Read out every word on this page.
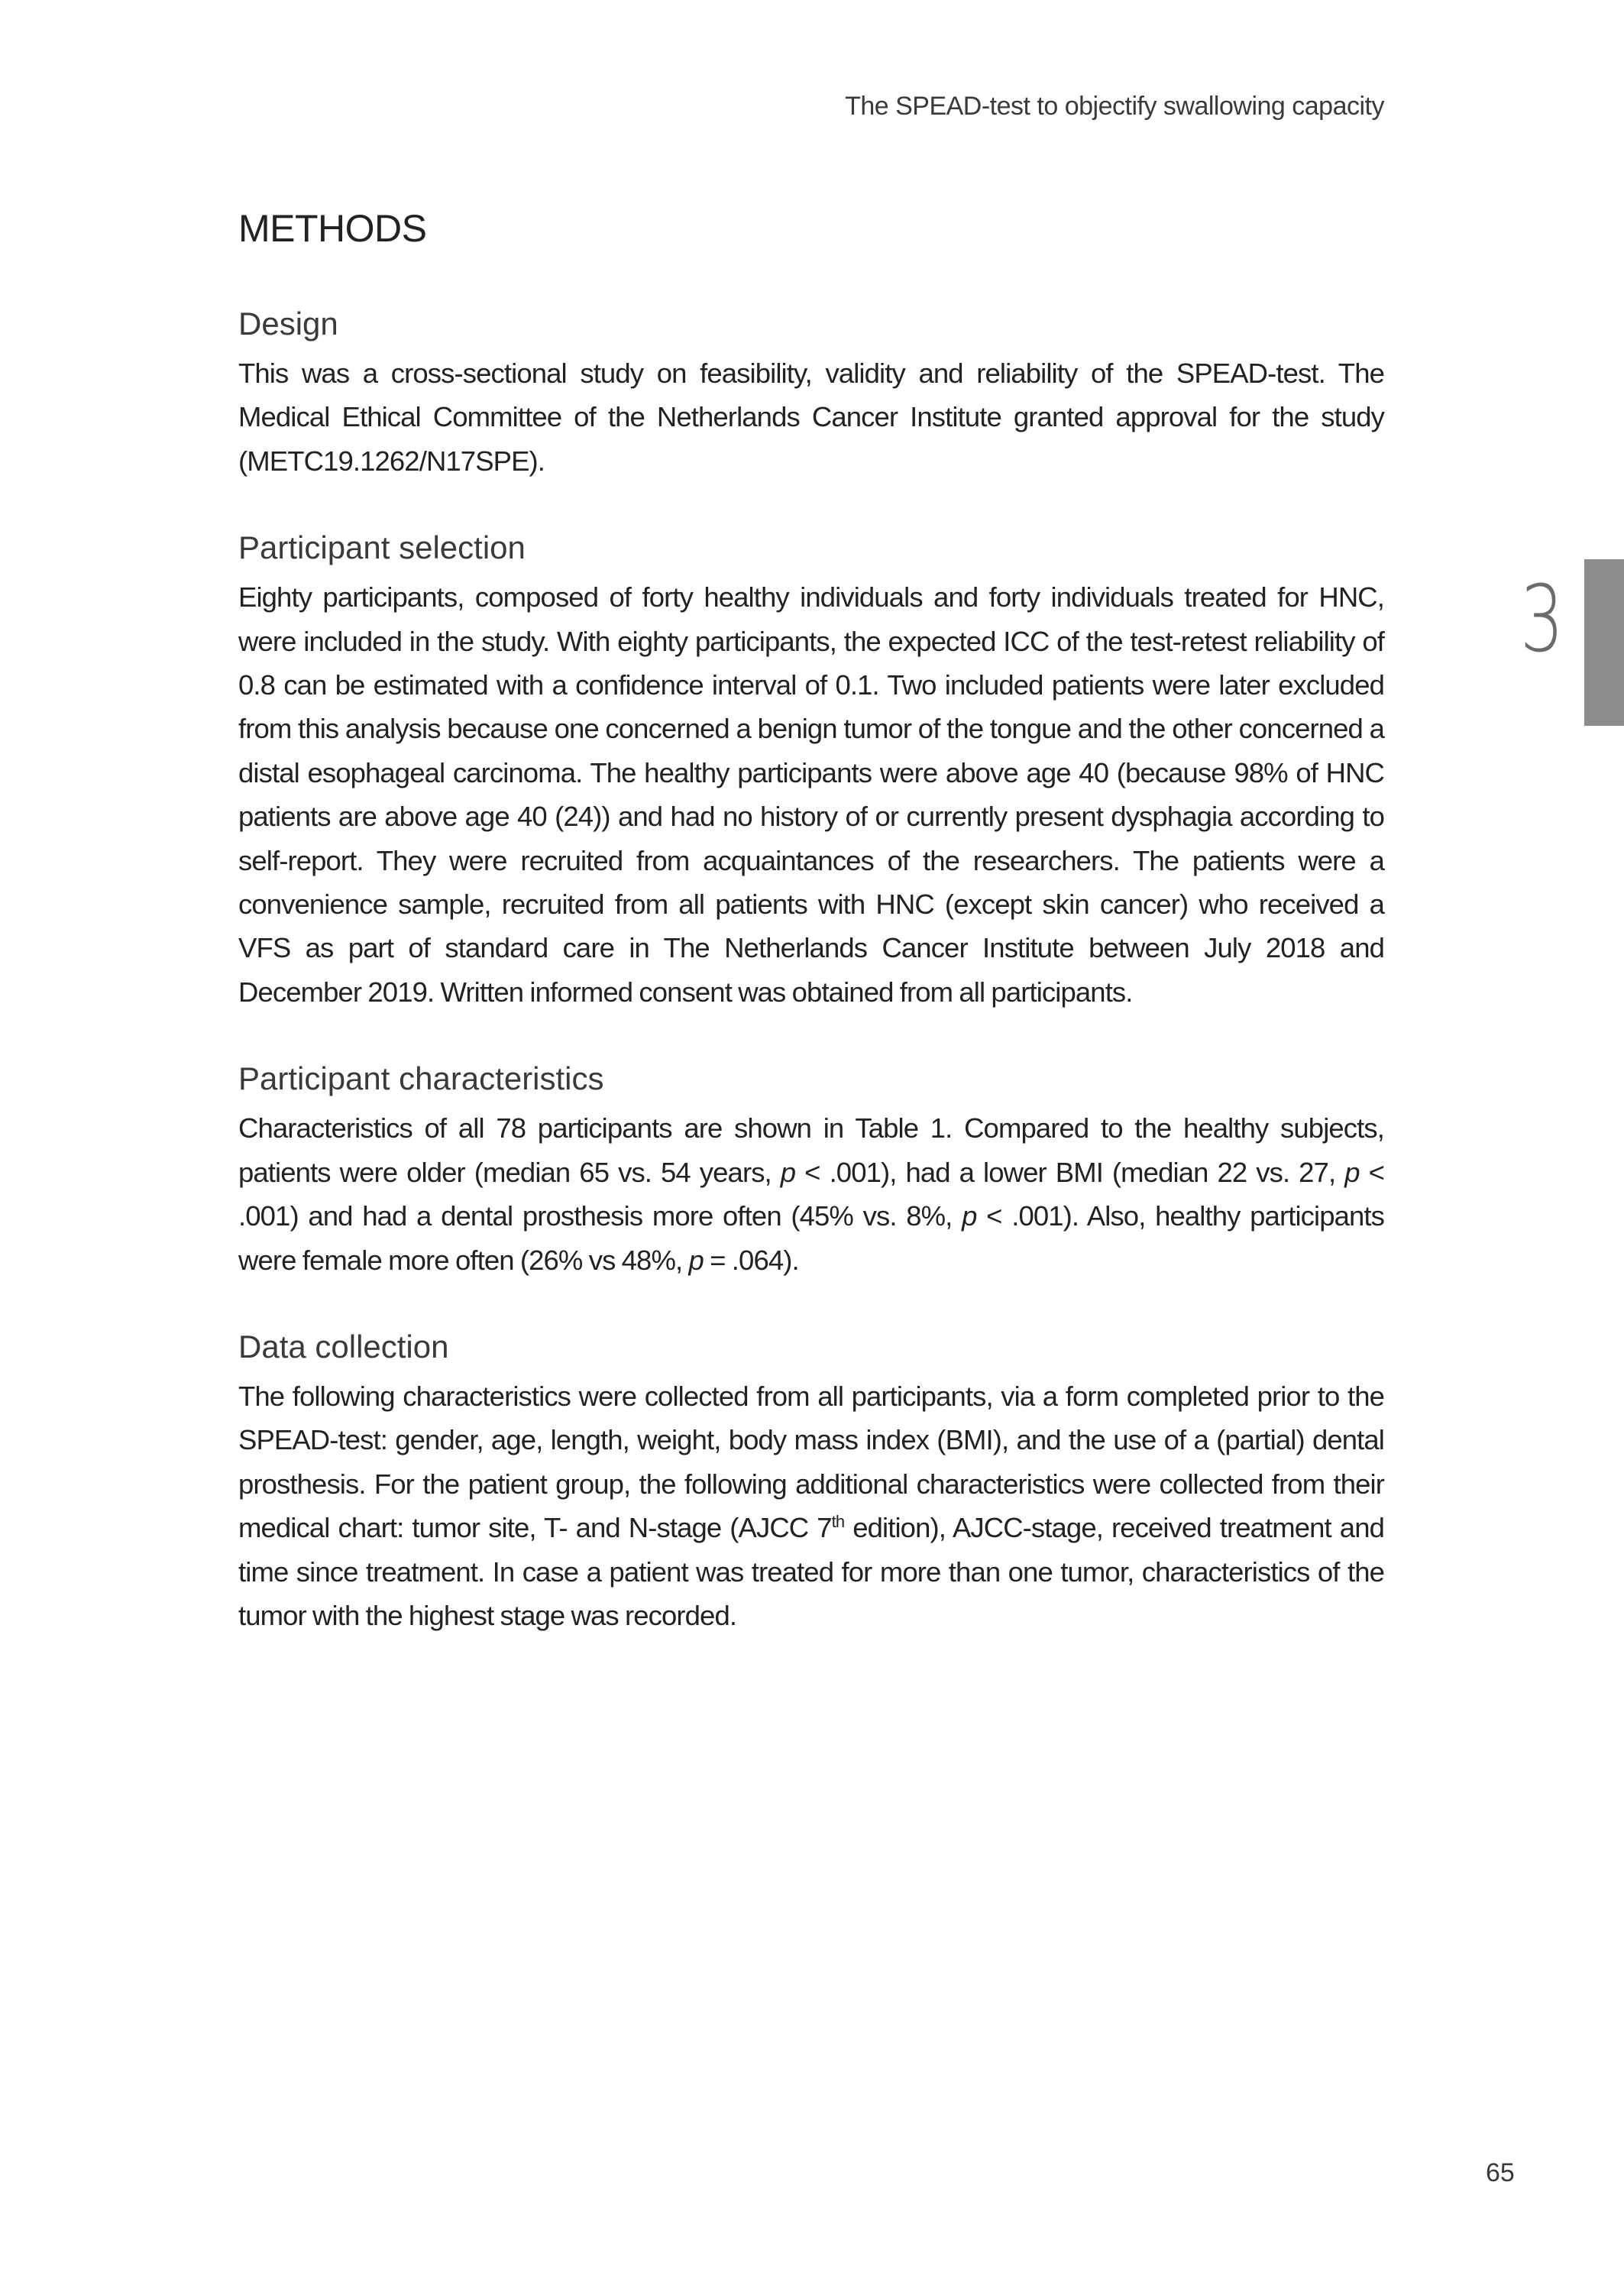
The SPEAD-test to objectify swallowing capacity
3
METHODS
Design

This was a cross-sectional study on feasibility, validity and reliability of the SPEAD-test. The Medical Ethical Committee of the Netherlands Cancer Institute granted approval for the study (METC19.1262/N17SPE).

Participant selection

Eighty participants, composed of forty healthy individuals and forty individuals treated for HNC, were included in the study. With eighty participants, the expected ICC of the test-retest reliability of 0.8 can be estimated with a confidence interval of 0.1. Two included patients were later excluded from this analysis because one concerned a benign tumor of the tongue and the other concerned a distal esophageal carcinoma. The healthy participants were above age 40 (because 98% of HNC patients are above age 40 (24)) and had no history of or currently present dysphagia according to self-report. They were recruited from acquaintances of the researchers. The patients were a convenience sample, recruited from all patients with HNC (except skin cancer) who received a VFS as part of standard care in The Netherlands Cancer Institute between July 2018 and December 2019. Written informed consent was obtained from all participants.

Participant characteristics

Characteristics of all 78 participants are shown in Table 1. Compared to the healthy subjects, patients were older (median 65 vs. 54 years, p < .001), had a lower BMI (median 22 vs. 27, p < .001) and had a dental prosthesis more often (45% vs. 8%, p < .001). Also, healthy participants were female more often (26% vs 48%, p = .064).

Data collection

The following characteristics were collected from all participants, via a form completed prior to the SPEAD-test: gender, age, length, weight, body mass index (BMI), and the use of a (partial) dental prosthesis. For the patient group, the following additional characteristics were collected from their medical chart: tumor site, T- and N-stage (AJCC 7th edition), AJCC-stage, received treatment and time since treatment. In case a patient was treated for more than one tumor, characteristics of the tumor with the highest stage was recorded.

65
